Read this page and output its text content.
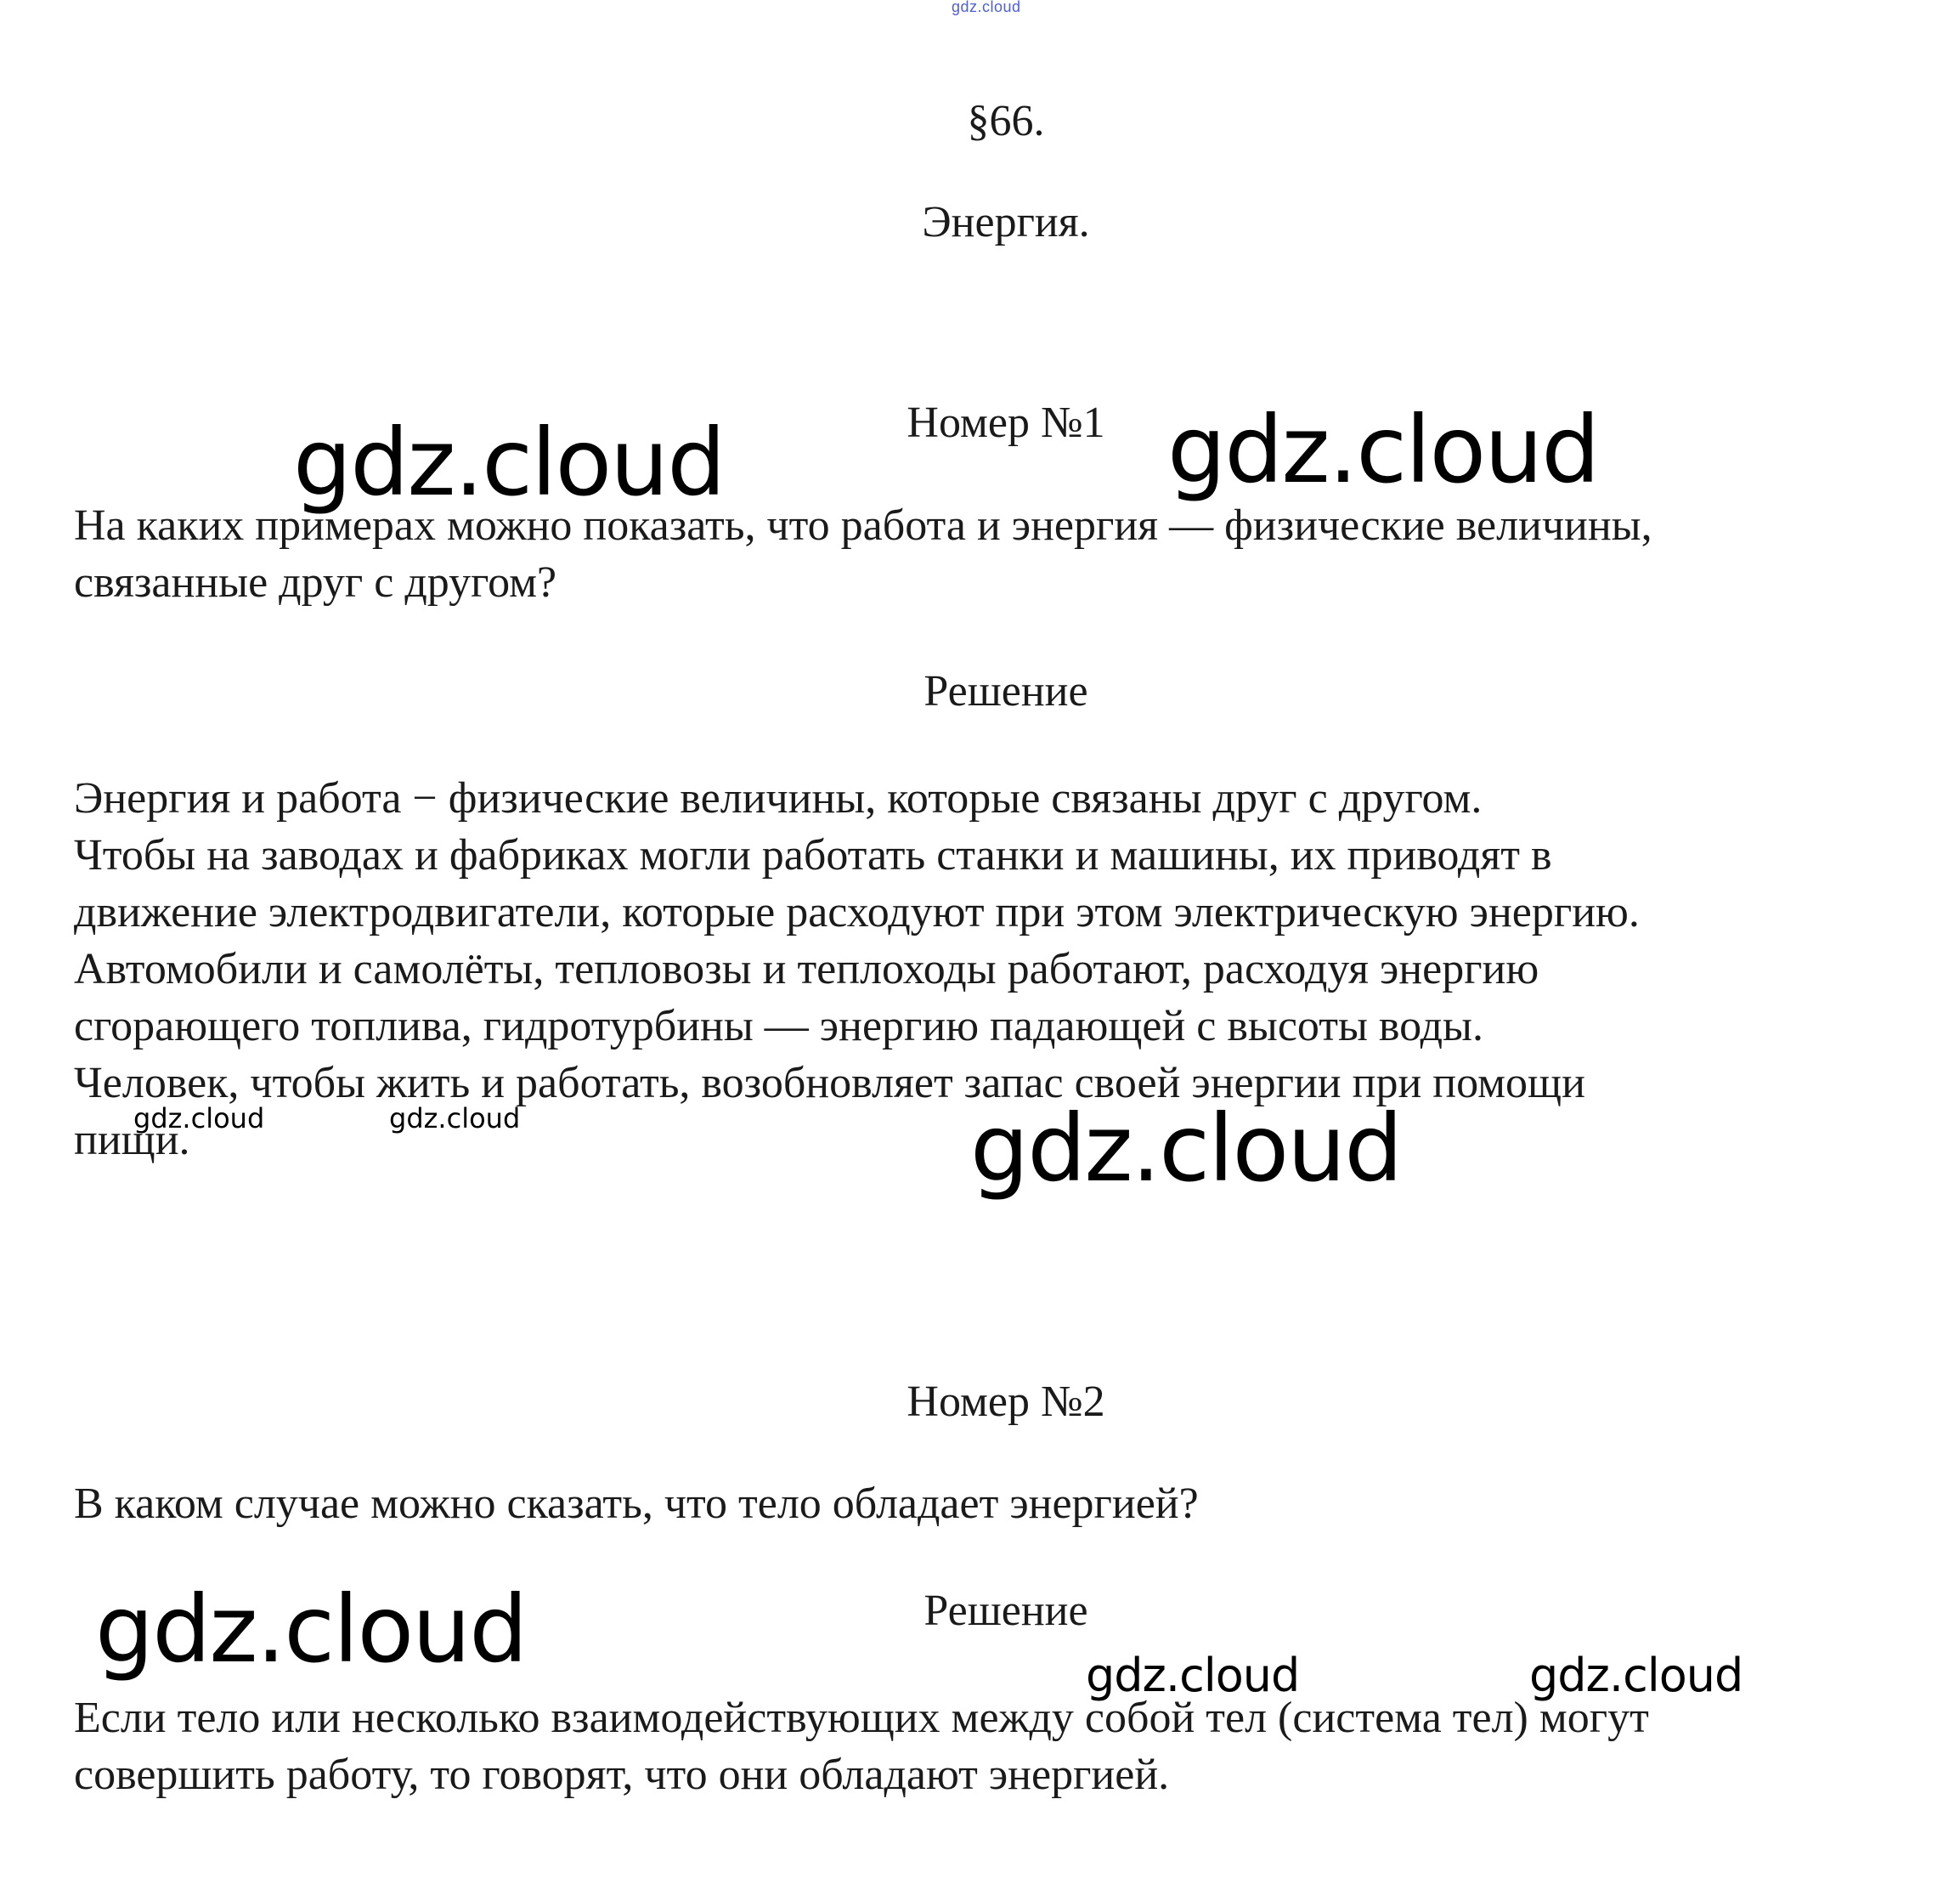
gdz.cloud
§66.
Энергия.
Номер №1
На каких примерах можно показать, что работа и энергия — физические величины,
связанные друг с другом?
Решение
Энергия и работа − физические величины, которые связаны друг с другом.
Чтобы на заводах и фабриках могли работать станки и машины, их приводят в
движение электродвигатели, которые расходуют при этом электрическую энергию.
Автомобили и самолёты, тепловозы и теплоходы работают, расходуя энергию
сгорающего топлива, гидротурбины — энергию падающей с высоты воды.
Человек, чтобы жить и работать, возобновляет запас своей энергии при помощи
пищи.
Номер №2
В каком случае можно сказать, что тело обладает энергией?
Решение
Если тело или несколько взаимодействующих между собой тел (система тел) могут
совершить работу, то говорят, что они обладают энергией.
gdz.cloud	gdz.cloud
gdz.cloud	gdz.cloud	gdz.cloud
gdz.cloud	gdz.cloud	gdz.cloud
